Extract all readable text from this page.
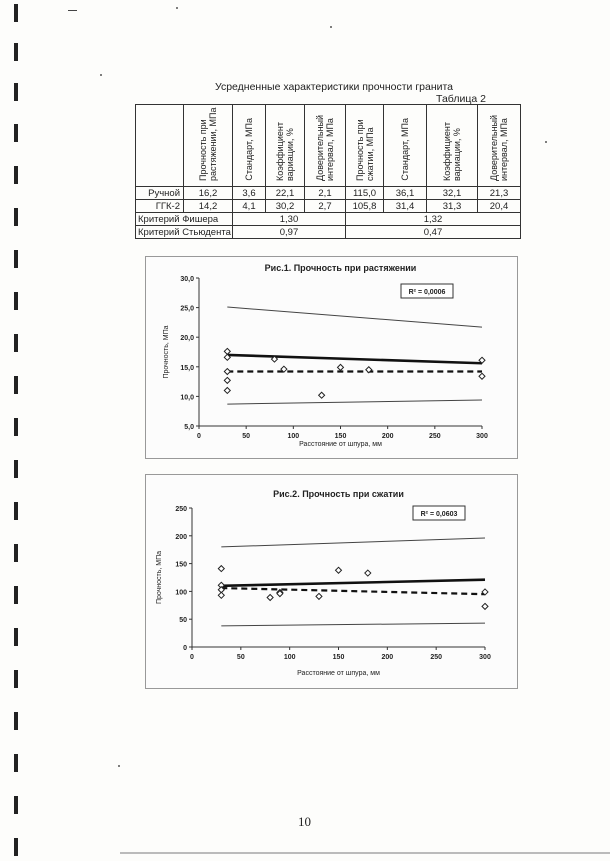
Усредненные характеристики прочности гранита
Таблица 2
	Прочность при растяжении, МПа	Стандарт, МПа	Коэффициент вариации, %	Доверительный интервал, МПа	Прочность при сжатии, МПа	Стандарт, МПа	Коэффициент вариации, %	Доверительный интервал, МПа
Ручной	16,2	3,6	22,1	2,1	115,0	36,1	32,1	21,3
ГГК-2	14,2	4,1	30,2	2,7	105,8	31,4	31,3	20,4
Критерий Фишера		1,30			1,32			
Критерий Стьюдента		0,97			0,47			
Рис.1. Прочность при растяжении
5,0
10,0
15,0
20,0
25,0
30,0
0	50	100	150	200	250	300
Прочность, МПа
Расстояние от шпура, мм
R² = 0,0006
Рис.2. Прочность при сжатии
0
50
100
150
200
250
0	50	100	150	200	250	300
Прочность, МПа
Расстояние от шпура, мм
R² = 0,0603
10
